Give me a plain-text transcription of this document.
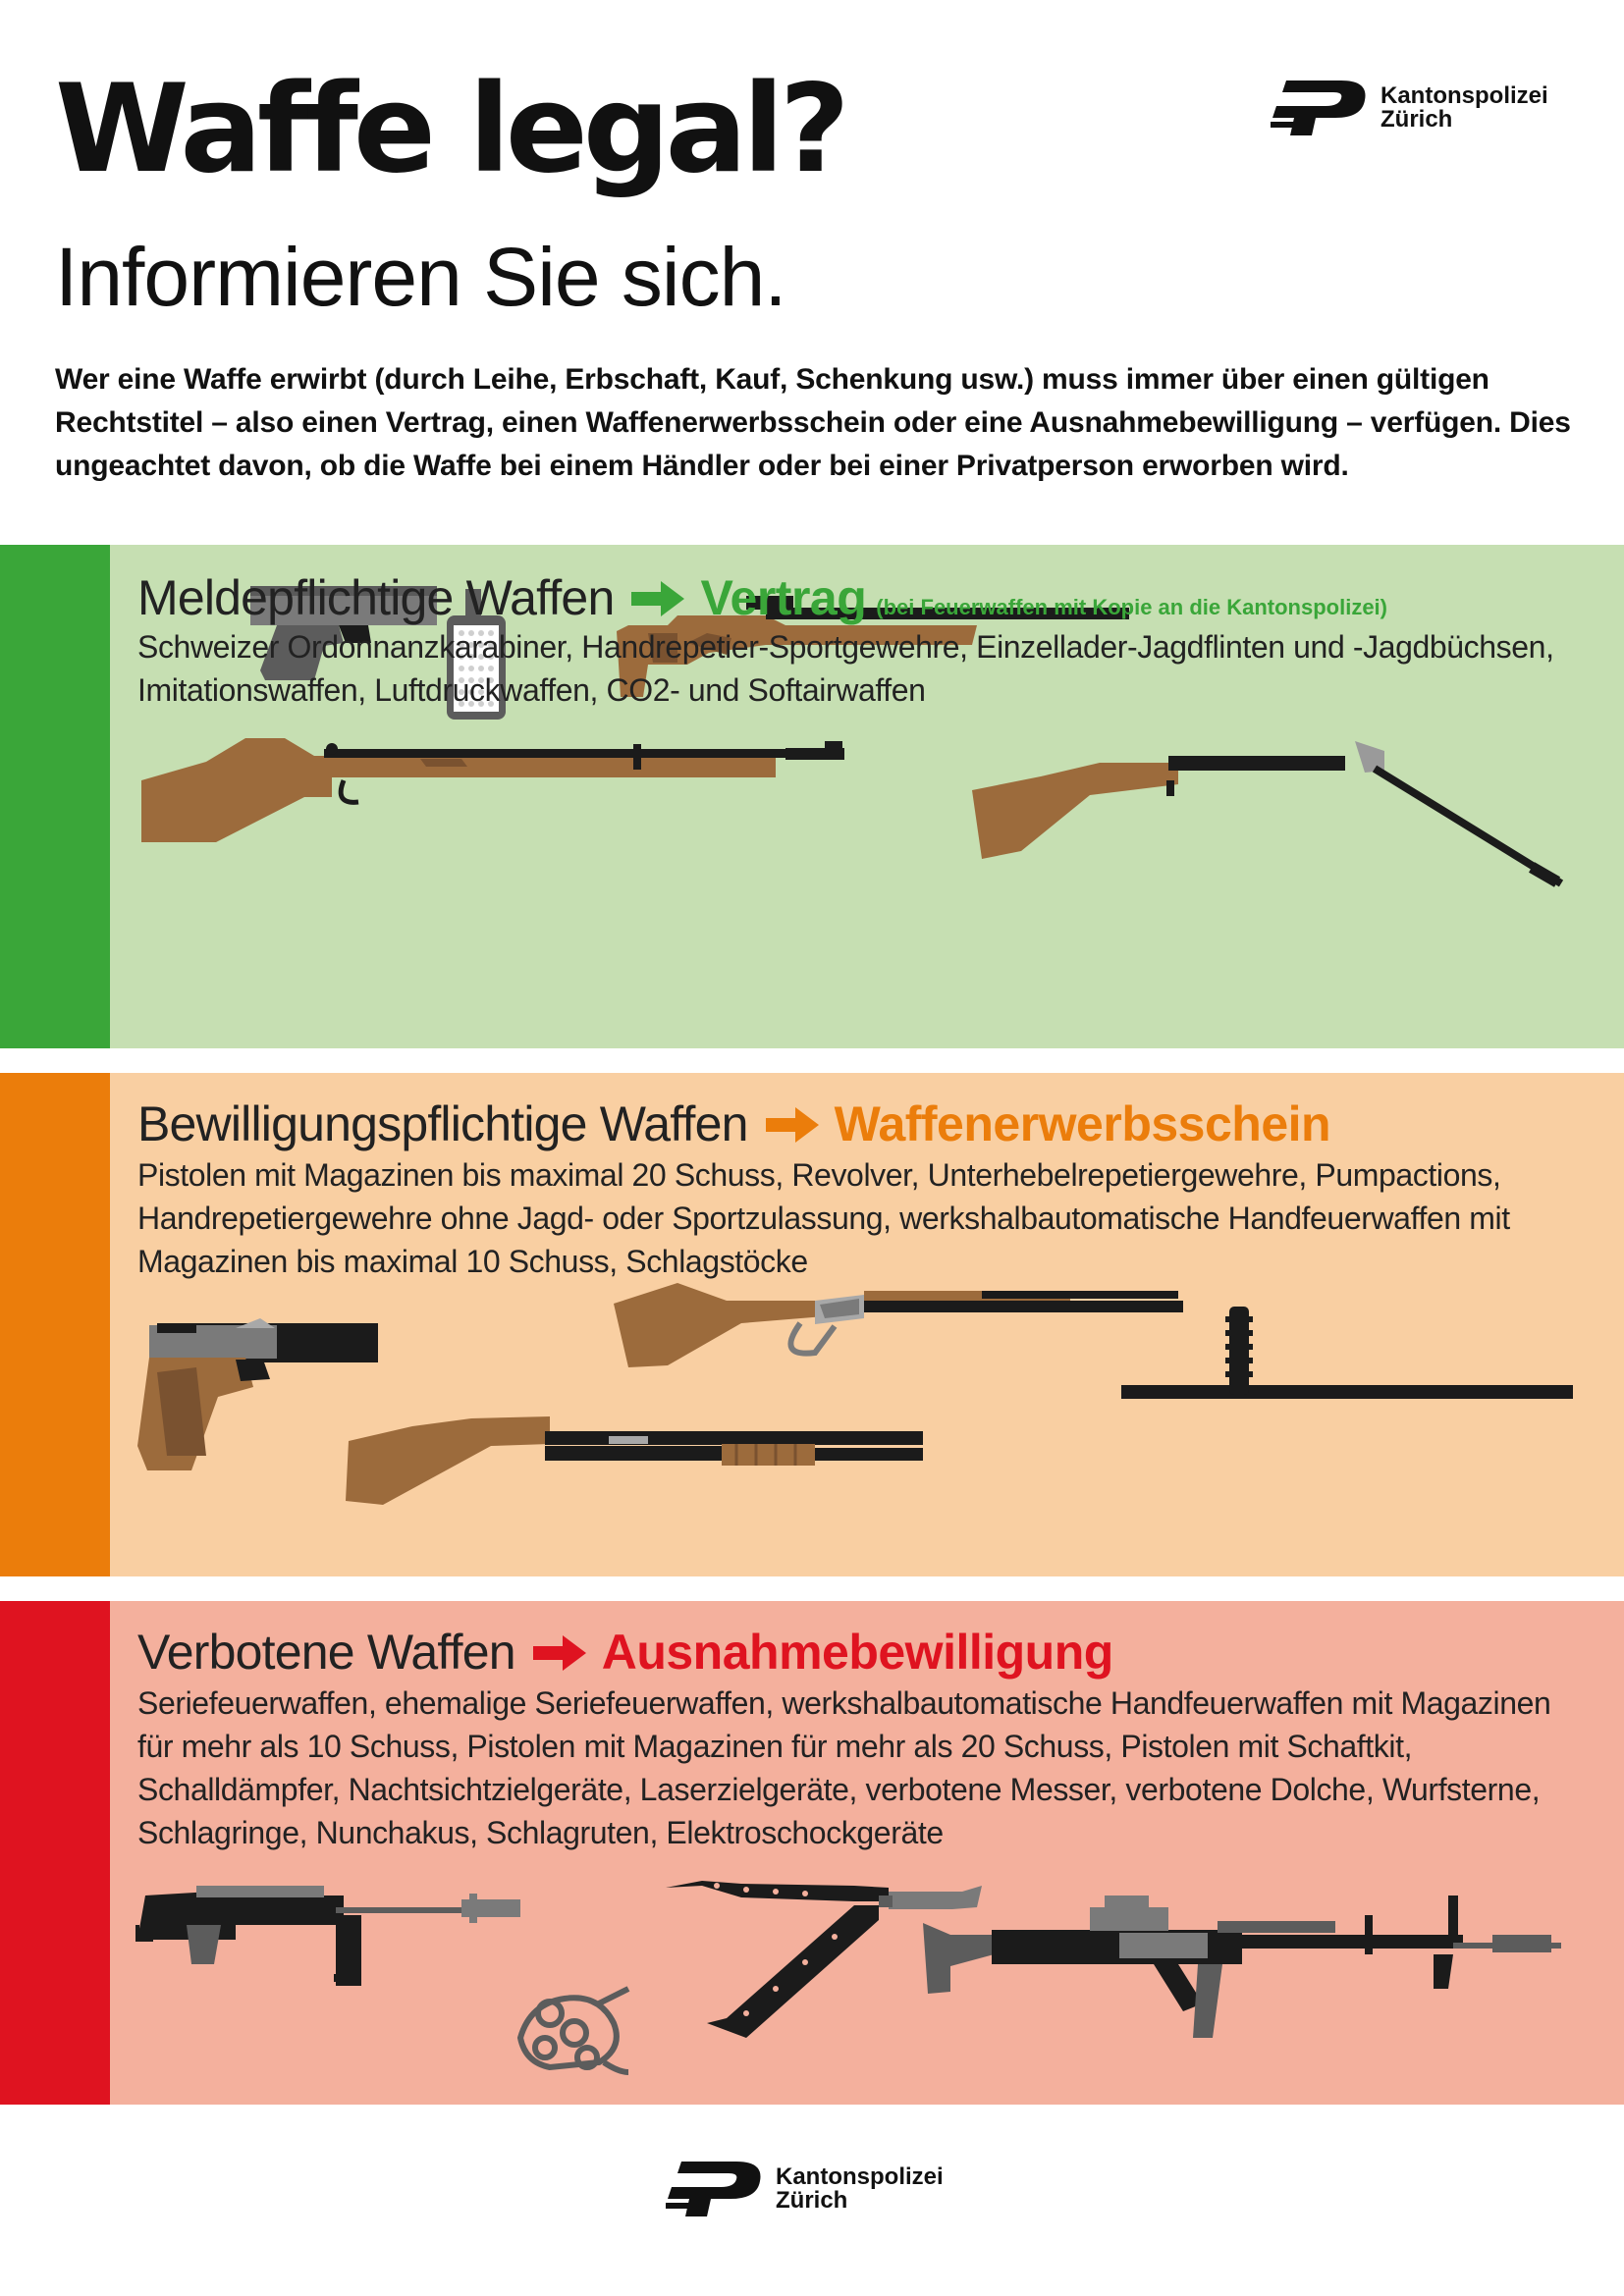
Waffe legal?
Informieren Sie sich.

Wer eine Waffe erwirbt (durch Leihe, Erbschaft, Kauf, Schenkung usw.) muss immer über einen gültigen Rechtstitel – also einen Vertrag, einen Waffenerwerbsschein oder eine Ausnahmebewilligung – verfügen. Dies ungeachtet davon, ob die Waffe bei einem Händler oder bei einer Privatperson erworben wird.

Kantonspolizei
Zürich
Meldepflichtige Waffen Vertrag (bei Feuerwaffen mit Kopie an die Kantonspolizei)

Schweizer Ordonnanzkarabiner, Handrepetier-Sportgewehre, Einzellader-Jagdflinten und -Jagdbüchsen, Imitationswaffen, Luftdruckwaffen, CO2- und Softairwaffen

Bewilligungspflichtige Waffen Waffenerwerbsschein

Pistolen mit Magazinen bis maximal 20 Schuss, Revolver, Unterhebelrepetiergewehre, Pumpactions, Handrepetiergewehre ohne Jagd- oder Sportzulassung, werkshalbautomatische Handfeuerwaffen mit Magazinen bis maximal 10 Schuss, Schlagstöcke

Verbotene Waffen Ausnahmebewilligung

Seriefeuerwaffen, ehemalige Seriefeuerwaffen, werkshalbautomatische Handfeuerwaffen mit Magazinen für mehr als 10 Schuss, Pistolen mit Magazinen für mehr als 20 Schuss, Pistolen mit Schaftkit, Schalldämpfer, Nachtsichtzielgeräte, Laserzielgeräte, verbotene Messer, verbotene Dolche, Wurfsterne, Schlagringe, Nunchakus, Schlagruten, Elektroschockgeräte

Kantonspolizei
Zürich
